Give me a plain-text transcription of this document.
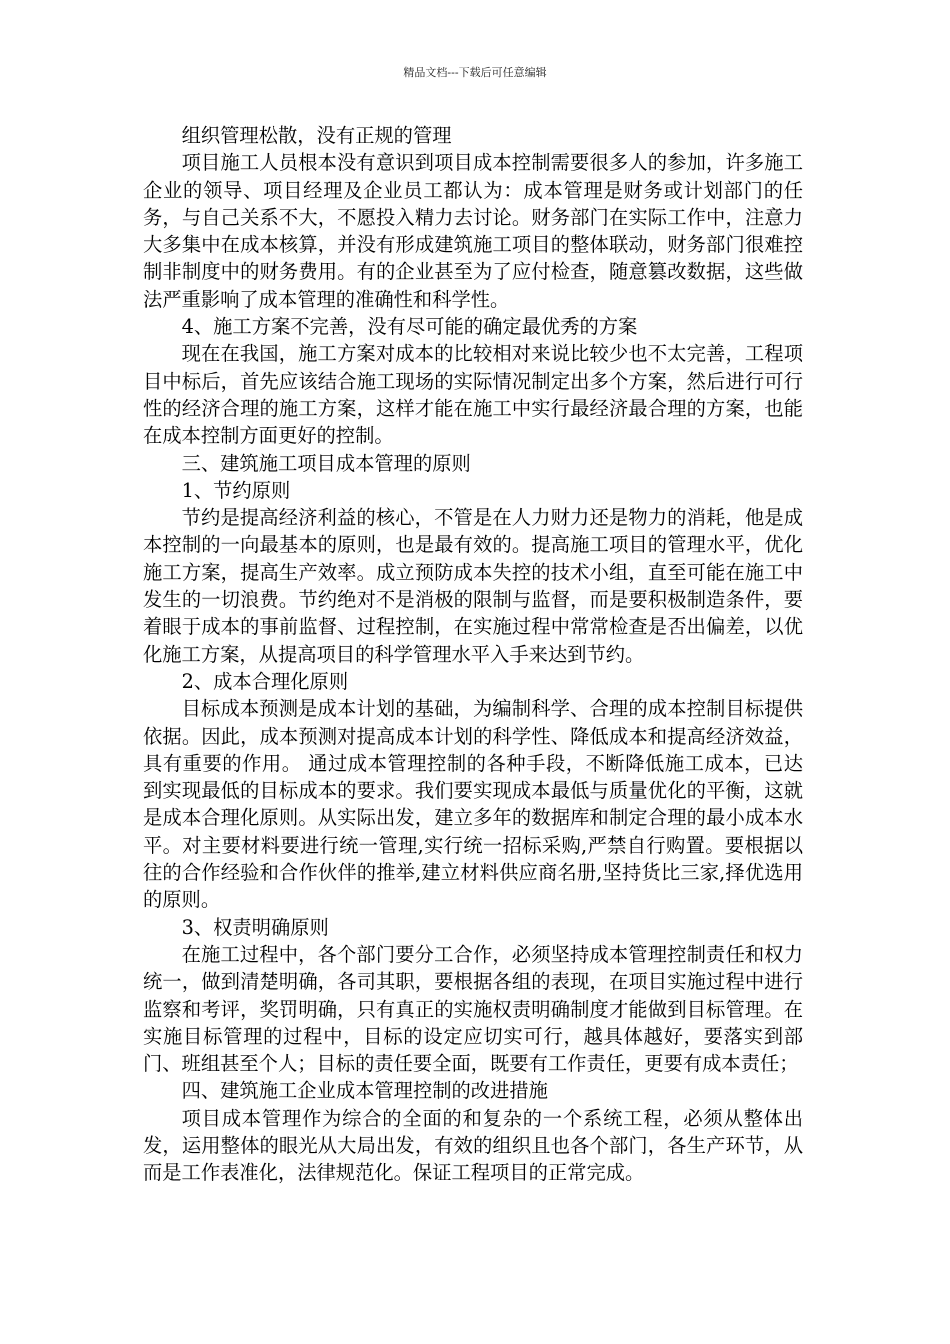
精品文档---下载后可任意编辑

组织管理松散，没有正规的管理

项目施工人员根本没有意识到项目成本控制需要很多人的参加，许多施工企业的领导、项目经理及企业员工都认为：成本管理是财务或计划部门的任务，与自己关系不大，不愿投入精力去讨论。财务部门在实际工作中，注意力大多集中在成本核算，并没有形成建筑施工项目的整体联动，财务部门很难控制非制度中的财务费用。有的企业甚至为了应付检查，随意篡改数据，这些做法严重影响了成本管理的准确性和科学性。

4、施工方案不完善，没有尽可能的确定最优秀的方案

现在在我国，施工方案对成本的比较相对来说比较少也不太完善，工程项目中标后，首先应该结合施工现场的实际情况制定出多个方案，然后进行可行性的经济合理的施工方案，这样才能在施工中实行最经济最合理的方案，也能在成本控制方面更好的控制。

三、建筑施工项目成本管理的原则

1、节约原则

节约是提高经济利益的核心，不管是在人力财力还是物力的消耗，他是成本控制的一向最基本的原则，也是最有效的。提高施工项目的管理水平，优化施工方案，提高生产效率。成立预防成本失控的技术小组，直至可能在施工中发生的一切浪费。节约绝对不是消极的限制与监督，而是要积极制造条件，要着眼于成本的事前监督、过程控制，在实施过程中常常检查是否出偏差，以优化施工方案，从提高项目的科学管理水平入手来达到节约。

2、成本合理化原则

目标成本预测是成本计划的基础，为编制科学、合理的成本控制目标提供依据。因此，成本预测对提高成本计划的科学性、降低成本和提高经济效益，具有重要的作用。 通过成本管理控制的各种手段，不断降低施工成本，已达到实现最低的目标成本的要求。我们要实现成本最低与质量优化的平衡，这就是成本合理化原则。从实际出发，建立多年的数据库和制定合理的最小成本水平。对主要材料要进行统一管理,实行统一招标采购,严禁自行购置。要根据以往的合作经验和合作伙伴的推举,建立材料供应商名册,坚持货比三家,择优选用的原则。

3、权责明确原则

在施工过程中，各个部门要分工合作，必须坚持成本管理控制责任和权力统一，做到清楚明确，各司其职，要根据各组的表现，在项目实施过程中进行监察和考评，奖罚明确，只有真正的实施权责明确制度才能做到目标管理。在实施目标管理的过程中，目标的设定应切实可行，越具体越好，要落实到部门、班组甚至个人；目标的责任要全面，既要有工作责任，更要有成本责任；

四、建筑施工企业成本管理控制的改进措施

项目成本管理作为综合的全面的和复杂的一个系统工程，必须从整体出发，运用整体的眼光从大局出发，有效的组织且也各个部门，各生产环节，从而是工作表准化，法律规范化。保证工程项目的正常完成。
